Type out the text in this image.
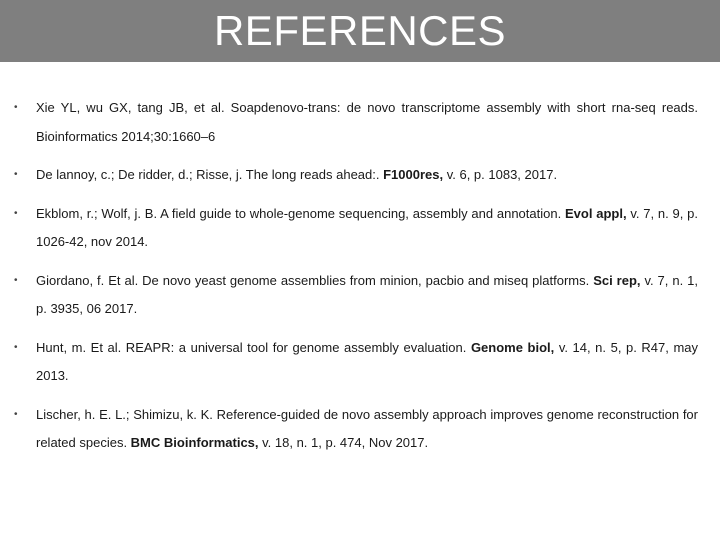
REFERENCES
• Xie YL, wu GX, tang JB, et al. Soapdenovo-trans: de novo transcriptome assembly with short rna-seq reads. Bioinformatics 2014;30:1660–6
• De lannoy, c.; De ridder, d.; Risse, j. The long reads ahead:. F1000res, v. 6, p. 1083, 2017.
• Ekblom, r.; Wolf, j. B. A field guide to whole-genome sequencing, assembly and annotation. Evol appl, v. 7, n. 9, p. 1026-42, nov 2014.
• Giordano, f. Et al. De novo yeast genome assemblies from minion, pacbio and miseq platforms. Sci rep, v. 7, n. 1, p. 3935, 06 2017.
• Hunt, m. Et al. REAPR: a universal tool for genome assembly evaluation. Genome biol, v. 14, n. 5, p. R47, may 2013.
• Lischer, h. E. L.; Shimizu, k. K. Reference-guided de novo assembly approach improves genome reconstruction for related species. BMC Bioinformatics, v. 18, n. 1, p. 474, Nov 2017.
